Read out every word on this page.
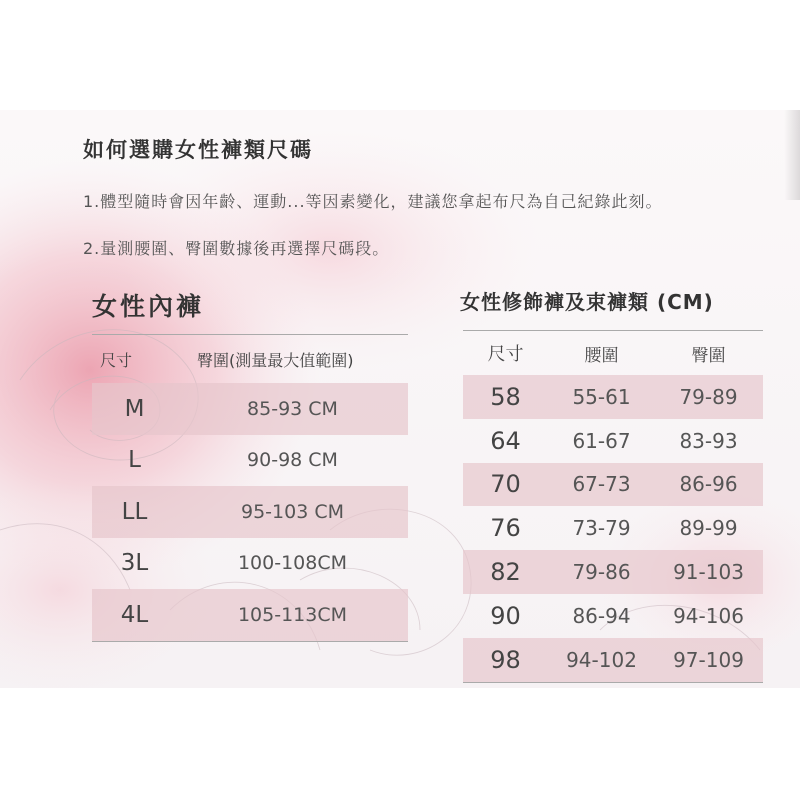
如何選購女性褲類尺碼

1.體型隨時會因年齡、運動...等因素變化，建議您拿起布尺為自己紀錄此刻。

2.量測腰圍、臀圍數據後再選擇尺碼段。

女性內褲
尺寸	臀圍(測量最大值範圍)
M	85-93 CM
L	90-98 CM
LL	95-103 CM
3L	100-108CM
4L	105-113CM
女性修飾褲及束褲類 (CM)
尺寸	腰圍	臀圍
58	55-61	79-89
64	61-67	83-93
70	67-73	86-96
76	73-79	89-99
82	79-86	91-103
90	86-94	94-106
98	94-102	97-109
